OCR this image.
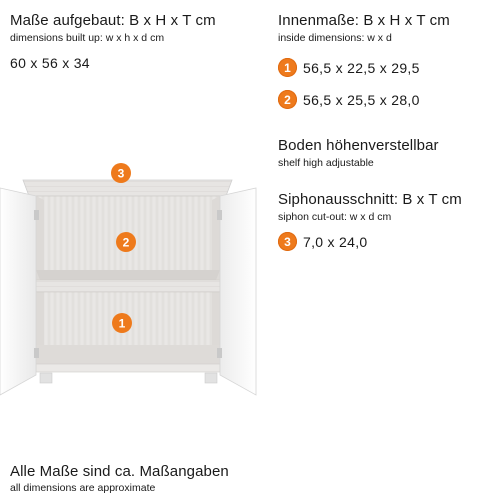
Maße aufgebaut: B x H x T cm
dimensions built up: w x h x d cm
60 x 56 x 34
Innenmaße: B x H x T cm
inside dimensions: w x d
1 56,5 x 22,5 x 29,5
2 56,5 x 25,5 x 28,0
Boden höhenverstellbar
shelf high adjustable
Siphonausschnitt: B x T cm
siphon cut-out: w x d cm
3 7,0 x 24,0
3
2
1
Alle Maße sind ca. Maßangaben
all dimensions are approximate
